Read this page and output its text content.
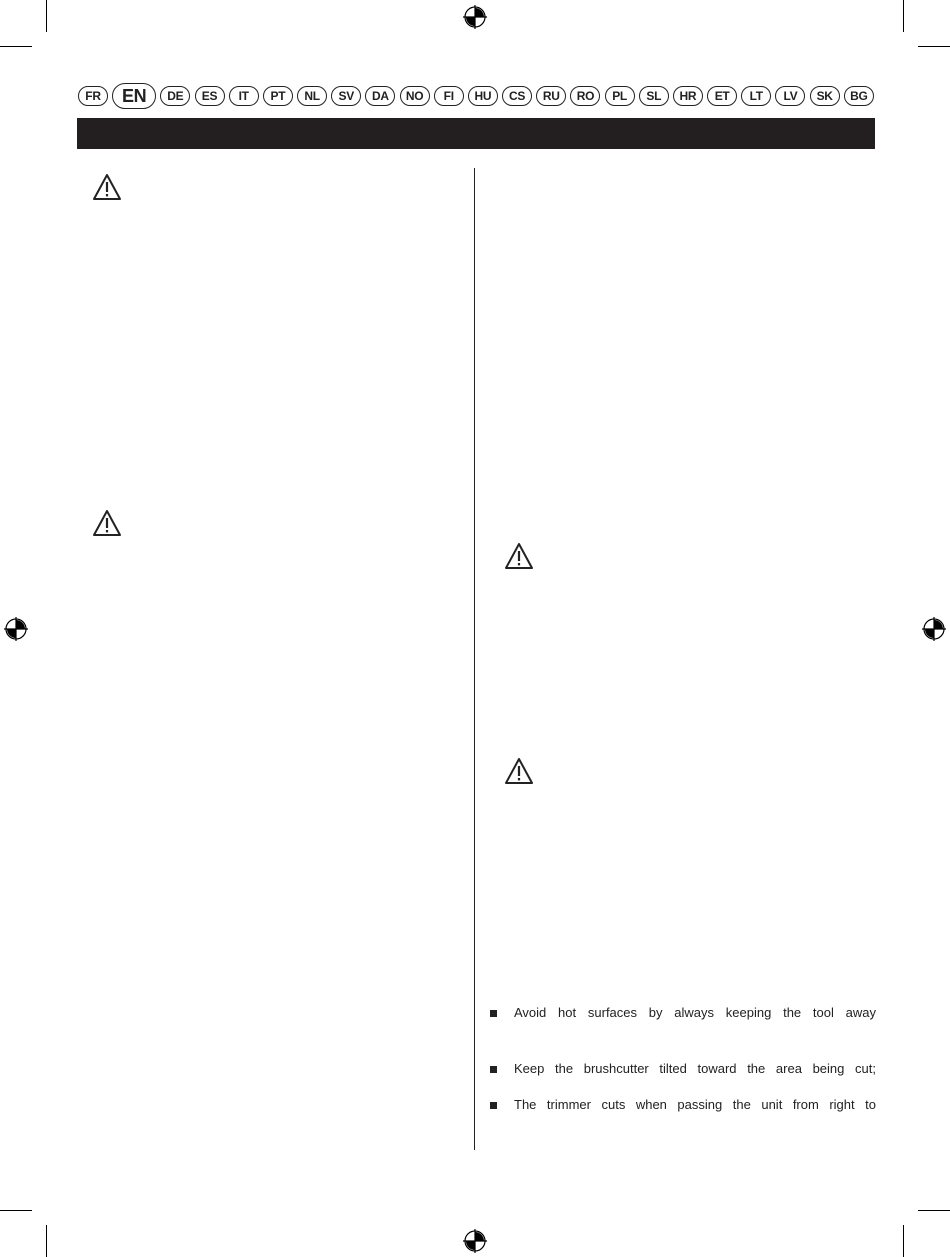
FR	EN	DE	ES	IT	PT	NL	SV	DA	NO	FI	HU	CS	RU	RO	PL	SL	HR	ET	LT	LV	SK	BG
Avoid hot surfaces by always keeping the tool away
Keep the brushcutter tilted toward the area being cut;
The trimmer cuts when passing the unit from right to
